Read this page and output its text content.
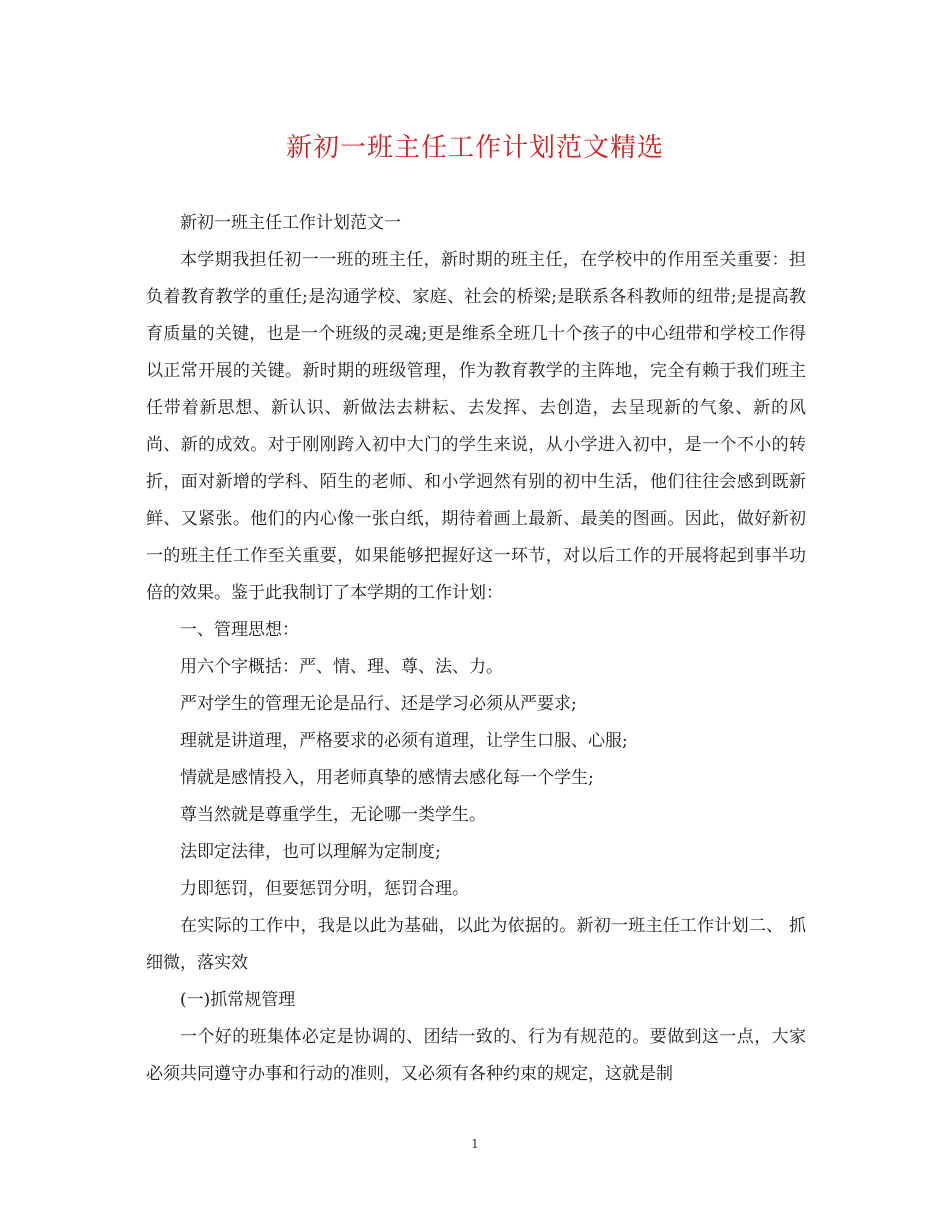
新初一班主任工作计划范文精选

新初一班主任工作计划范文一

本学期我担任初一一班的班主任，新时期的班主任，在学校中的作用至关重要：担负着教育教学的重任;是沟通学校、家庭、社会的桥梁;是联系各科教师的纽带;是提高教育质量的关键，也是一个班级的灵魂;更是维系全班几十个孩子的中心纽带和学校工作得以正常开展的关键。新时期的班级管理，作为教育教学的主阵地，完全有赖于我们班主任带着新思想、新认识、新做法去耕耘、去发挥、去创造，去呈现新的气象、新的风尚、新的成效。对于刚刚跨入初中大门的学生来说，从小学进入初中，是一个不小的转折，面对新增的学科、陌生的老师、和小学迥然有别的初中生活，他们往往会感到既新鲜、又紧张。他们的内心像一张白纸，期待着画上最新、最美的图画。因此，做好新初一的班主任工作至关重要，如果能够把握好这一环节，对以后工作的开展将起到事半功倍的效果。鉴于此我制订了本学期的工作计划：

一、管理思想：

用六个字概括：严、情、理、尊、法、力。

严对学生的管理无论是品行、还是学习必须从严要求;

理就是讲道理，严格要求的必须有道理，让学生口服、心服;

情就是感情投入，用老师真挚的感情去感化每一个学生;

尊当然就是尊重学生，无论哪一类学生。

法即定法律，也可以理解为定制度;

力即惩罚，但要惩罚分明，惩罚合理。

在实际的工作中，我是以此为基础，以此为依据的。新初一班主任工作计划二、 抓细微，落实效

(一)抓常规管理

一个好的班集体必定是协调的、团结一致的、行为有规范的。要做到这一点，大家必须共同遵守办事和行动的准则，又必须有各种约束的规定，这就是制

1
